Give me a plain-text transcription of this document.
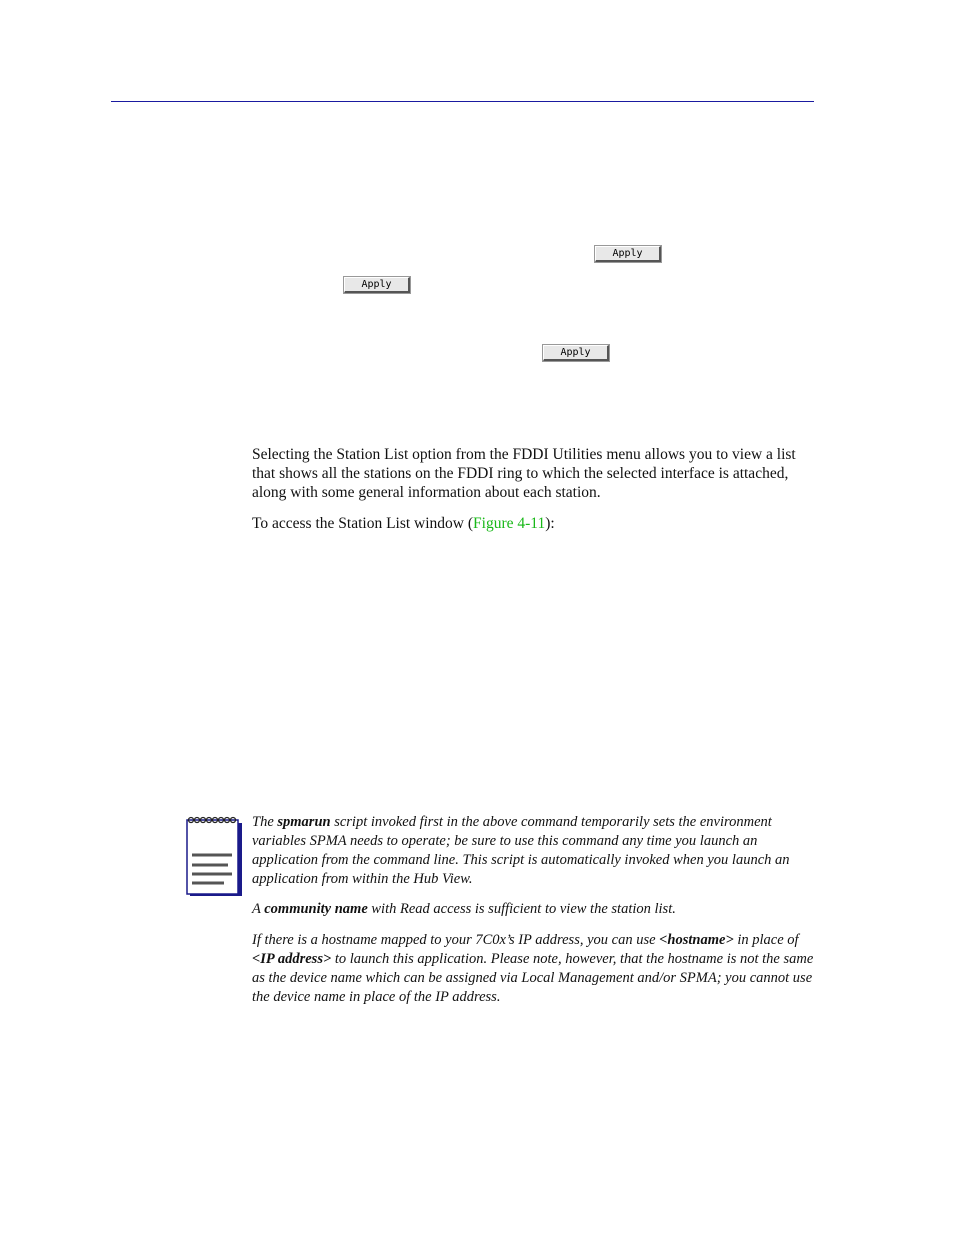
Apply
Apply
Apply

Selecting the Station List option from the FDDI Utilities menu allows you to view a list that shows all the stations on the FDDI ring to which the selected interface is attached, along with some general information about each station.

To access the Station List window (Figure 4-11):

The spmarun script invoked first in the above command temporarily sets the environment variables SPMA needs to operate; be sure to use this command any time you launch an application from the command line. This script is automatically invoked when you launch an application from within the Hub View.

A community name with Read access is sufficient to view the station list.

If there is a hostname mapped to your 7C0x’s IP address, you can use <hostname> in place of <IP address> to launch this application. Please note, however, that the hostname is not the same as the device name which can be assigned via Local Management and/or SPMA; you cannot use the device name in place of the IP address.
